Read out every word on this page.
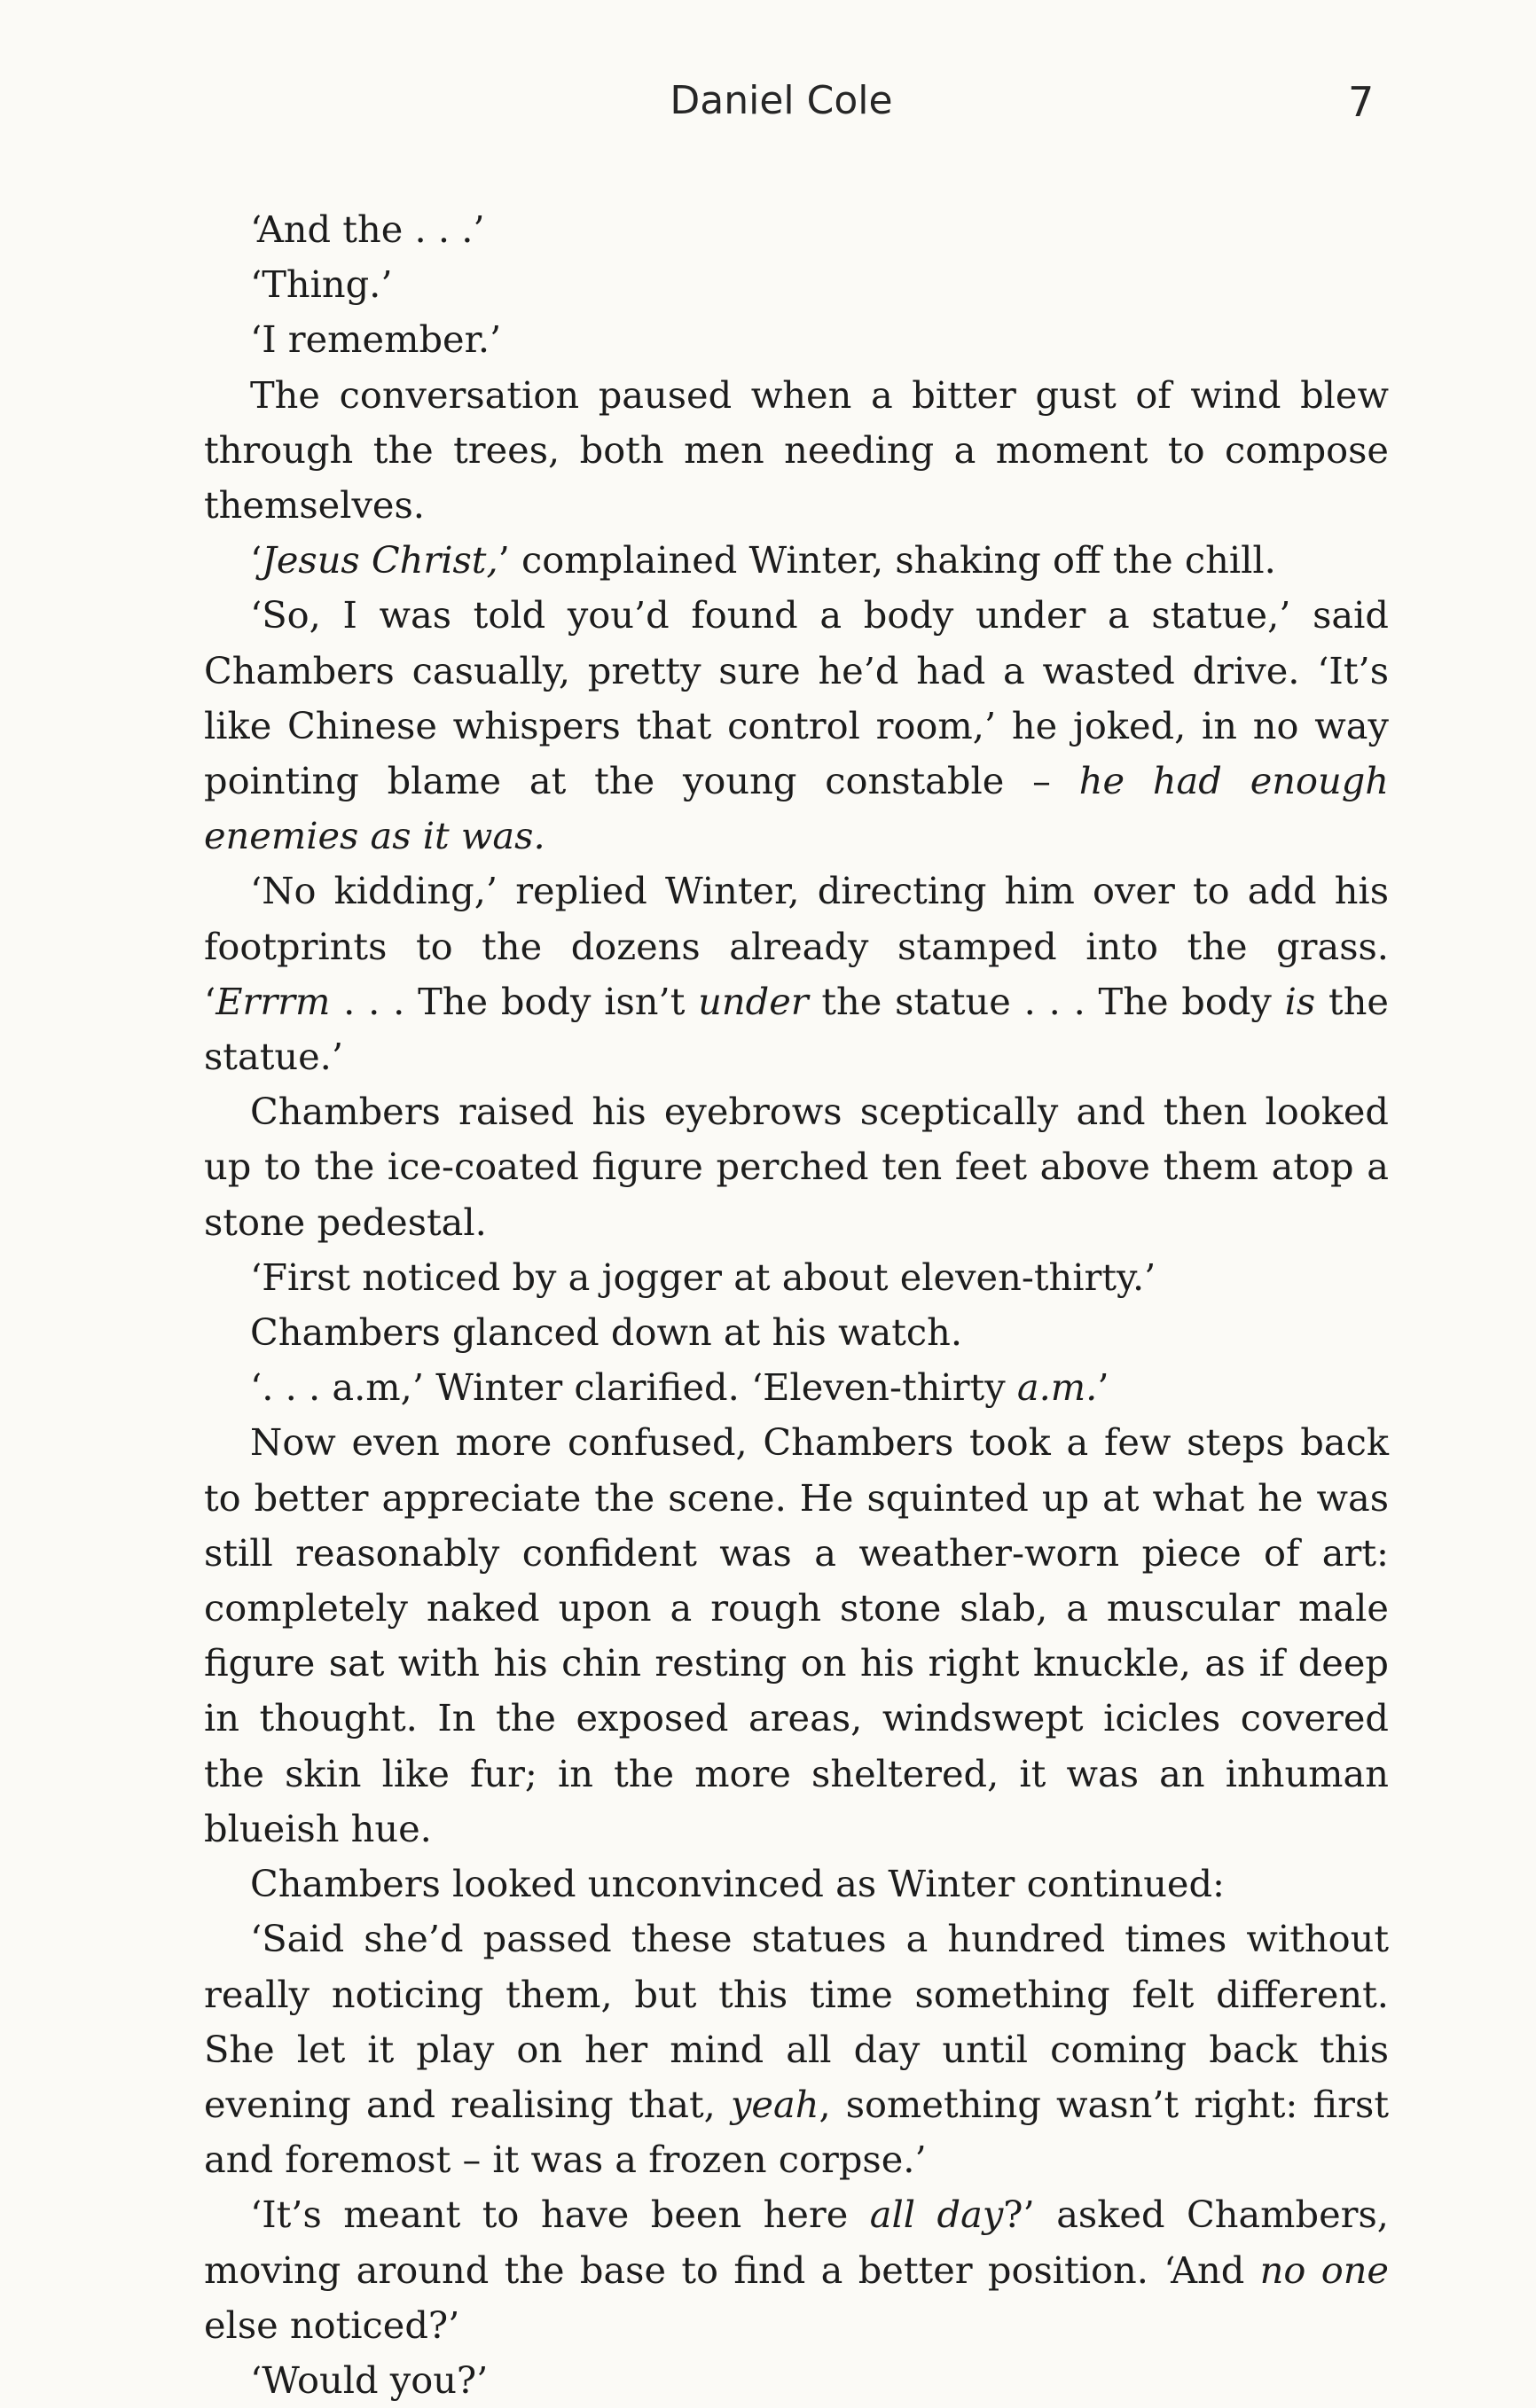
Daniel Cole	7

‘And the . . .’

‘Thing.’

‘I remember.’

The conversation paused when a bitter gust of wind blew through the trees, both men needing a moment to compose themselves.

‘Jesus Christ,’ complained Winter, shaking off the chill.

‘So, I was told you’d found a body under a statue,’ said Chambers casually, pretty sure he’d had a wasted drive. ‘It’s like Chinese whispers that control room,’ he joked, in no way pointing blame at the young constable – he had enough enemies as it was.

‘No kidding,’ replied Winter, directing him over to add his footprints to the dozens already stamped into the grass. ‘Errrm . . . The body isn’t under the statue . . . The body is the statue.’

Chambers raised his eyebrows sceptically and then looked up to the ice-coated figure perched ten feet above them atop a stone pedestal.

‘First noticed by a jogger at about eleven-thirty.’

Chambers glanced down at his watch.

‘. . . a.m,’ Winter clarified. ‘Eleven-thirty a.m.’

Now even more confused, Chambers took a few steps back to better appreciate the scene. He squinted up at what he was still reasonably confident was a weather-worn piece of art: completely naked upon a rough stone slab, a muscular male figure sat with his chin resting on his right knuckle, as if deep in thought. In the exposed areas, windswept icicles covered the skin like fur; in the more sheltered, it was an inhuman blueish hue.

Chambers looked unconvinced as Winter continued:

‘Said she’d passed these statues a hundred times without really noticing them, but this time something felt different. She let it play on her mind all day until coming back this evening and realising that, yeah, something wasn’t right: first and foremost – it was a frozen corpse.’

‘It’s meant to have been here all day?’ asked Chambers, moving around the base to find a better position. ‘And no one else noticed?’

‘Would you?’
